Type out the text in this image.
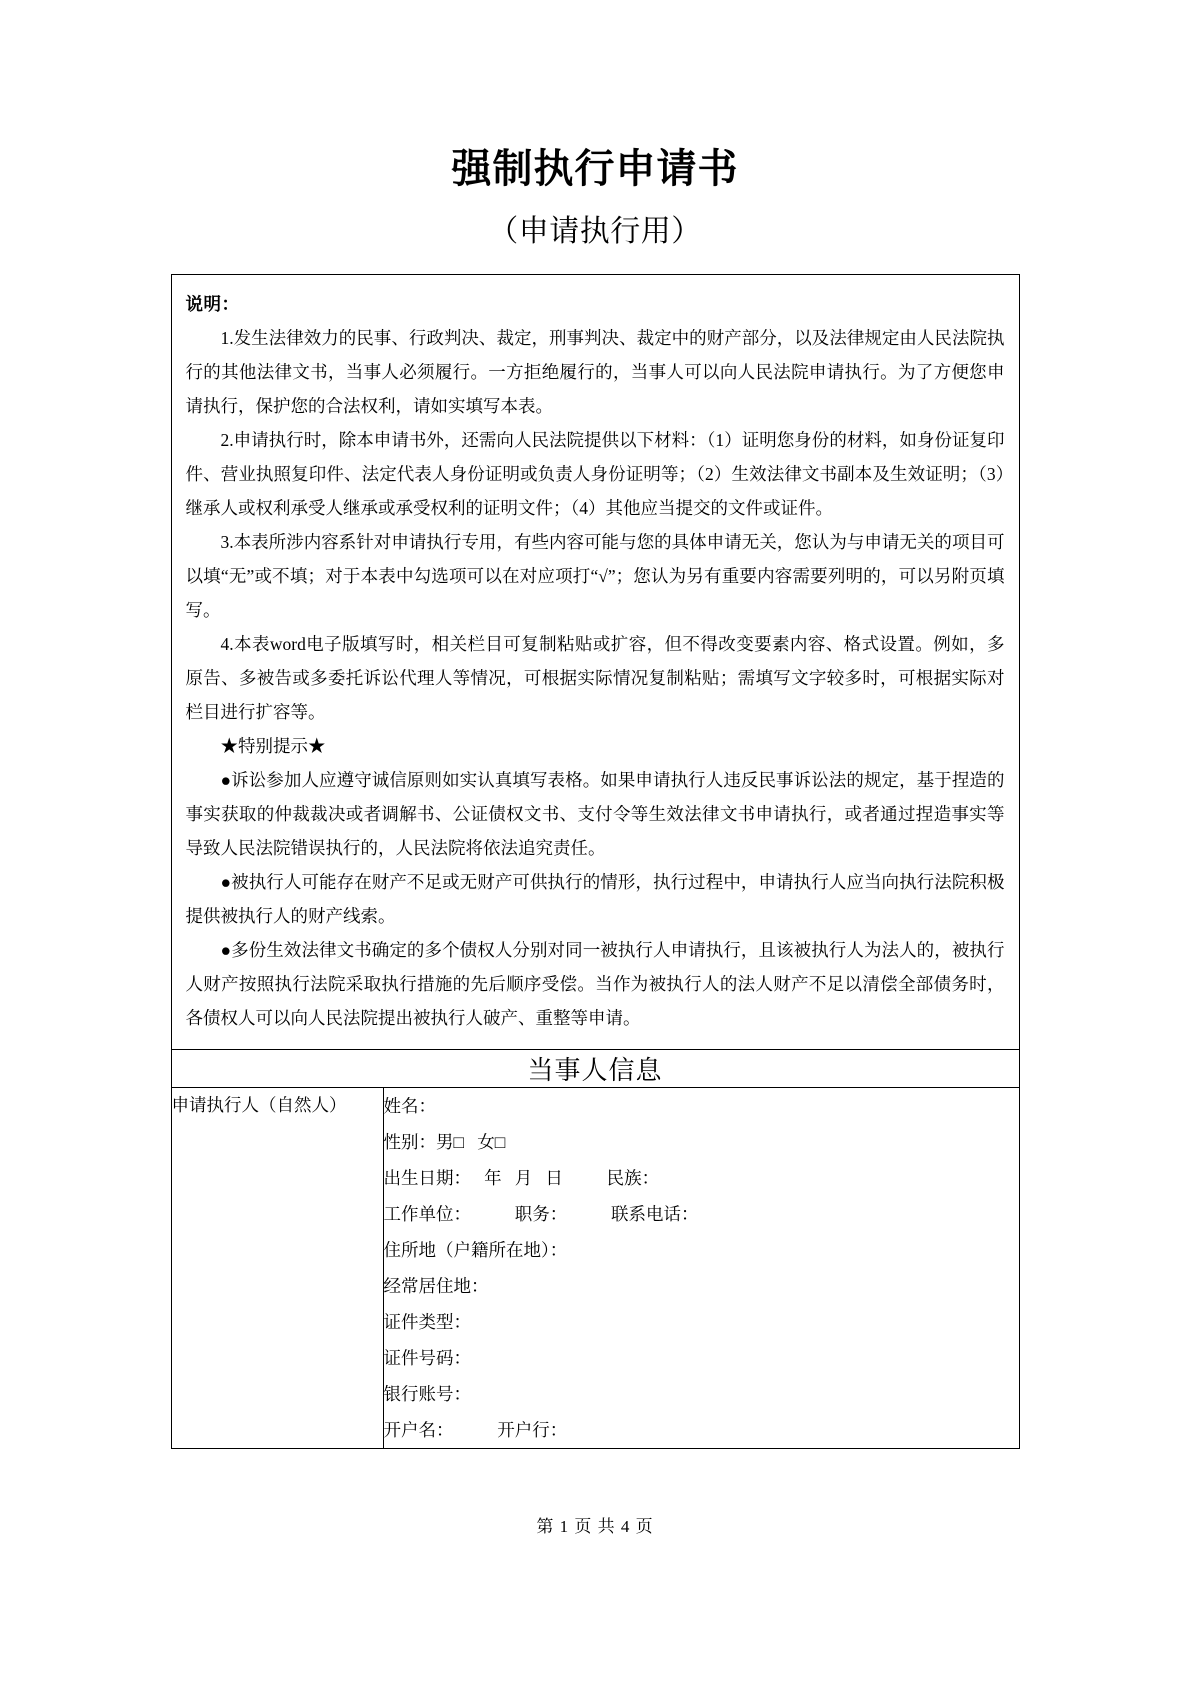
强制执行申请书
（申请执行用）
说明：

1.发生法律效力的民事、行政判决、裁定，刑事判决、裁定中的财产部分，以及法律规定由人民法院执行的其他法律文书，当事人必须履行。一方拒绝履行的，当事人可以向人民法院申请执行。为了方便您申请执行，保护您的合法权利，请如实填写本表。

2.申请执行时，除本申请书外，还需向人民法院提供以下材料：（1）证明您身份的材料，如身份证复印件、营业执照复印件、法定代表人身份证明或负责人身份证明等；（2）生效法律文书副本及生效证明；（3）继承人或权利承受人继承或承受权利的证明文件；（4）其他应当提交的文件或证件。

3.本表所涉内容系针对申请执行专用，有些内容可能与您的具体申请无关，您认为与申请无关的项目可以填“无”或不填；对于本表中勾选项可以在对应项打“√”；您认为另有重要内容需要列明的，可以另附页填写。

4.本表word电子版填写时，相关栏目可复制粘贴或扩容，但不得改变要素内容、格式设置。例如，多原告、多被告或多委托诉讼代理人等情况，可根据实际情况复制粘贴；需填写文字较多时，可根据实际对栏目进行扩容等。

★特别提示★

●诉讼参加人应遵守诚信原则如实认真填写表格。如果申请执行人违反民事诉讼法的规定，基于捏造的事实获取的仲裁裁决或者调解书、公证债权文书、支付令等生效法律文书申请执行，或者通过捏造事实等导致人民法院错误执行的，人民法院将依法追究责任。

●被执行人可能存在财产不足或无财产可供执行的情形，执行过程中，申请执行人应当向执行法院积极提供被执行人的财产线索。

●多份生效法律文书确定的多个债权人分别对同一被执行人申请执行，且该被执行人为法人的，被执行人财产按照执行法院采取执行措施的先后顺序受偿。当作为被执行人的法人财产不足以清偿全部债务时，各债权人可以向人民法院提出被执行人破产、重整等申请。

当事人信息
申请执行人（自然人）	姓名：

性别：男□   女□

出生日期：   年   月   日          民族：

工作单位：          职务：          联系电话：

住所地（户籍所在地）：

经常居住地：

证件类型：

证件号码：

银行账号：

开户名：          开户行：

第 1 页 共 4 页
